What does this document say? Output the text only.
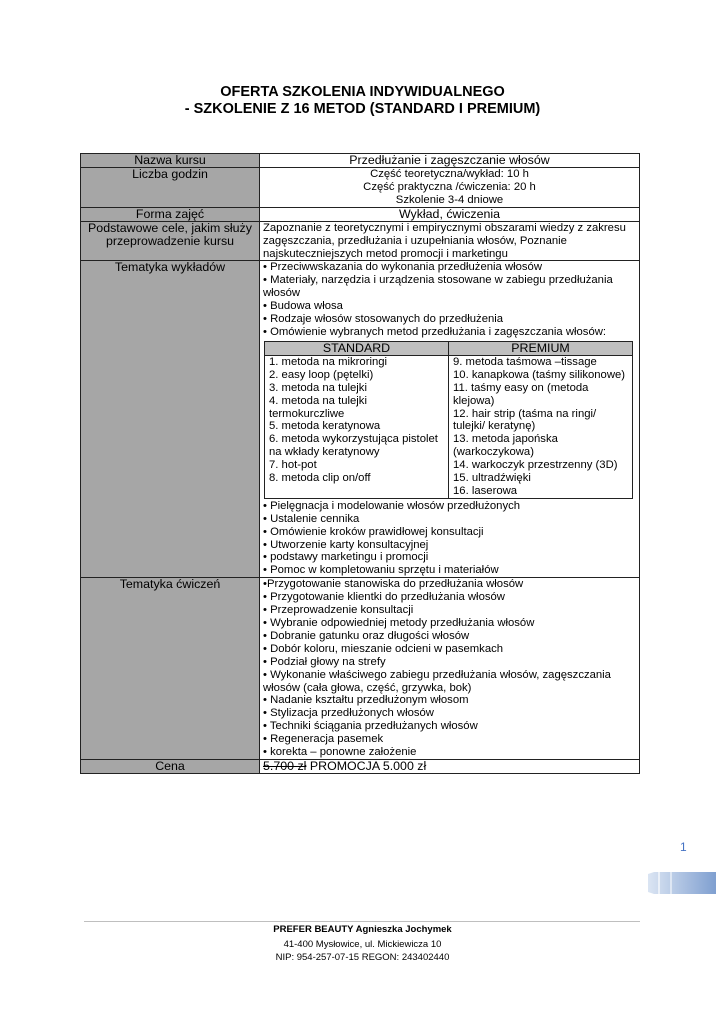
OFERTA SZKOLENIA INDYWIDUALNEGO
- SZKOLENIE Z 16 METOD (STANDARD I PREMIUM)
Nazwa kursu	Przedłużanie i zagęszczanie włosów
Liczba godzin	Część teoretyczna/wykład: 10 h
Część praktyczna /ćwiczenia: 20 h
Szkolenie 3-4 dniowe

Forma zajęć	Wykład, ćwiczenia
Podstawowe cele, jakim służy przeprowadzenie kursu	Zapoznanie z teoretycznymi i empirycznymi obszarami wiedzy z zakresu zagęszczania, przedłużania i uzupełniania włosów, Poznanie najskuteczniejszych metod promocji i marketingu
Tematyka wykładów	• Przeciwwskazania do wykonania przedłużenia włosów
• Materiały, narzędzia i urządzenia stosowane w zabiegu przedłużania włosów
• Budowa włosa
• Rodzaje włosów stosowanych do przedłużenia
• Omówienie wybranych metod przedłużania i zagęszczania włosów:
STANDARD	PREMIUM

1. metoda na mikroringi
2. easy loop (pętelki)
3. metoda na tulejki
4. metoda na tulejki termokurczliwe
5. metoda keratynowa
6. metoda wykorzystująca pistolet na wkłady keratynowy
7. hot-pot
8. metoda clip on/off

9. metoda taśmowa –tissage
10. kanapkowa (taśmy silikonowe)
11. taśmy easy on (metoda klejowa)
12. hair strip (taśma na ringi/ tulejki/ keratynę)
13. metoda japońska (warkoczykowa)
14. warkoczyk przestrzenny (3D)
15. ultradźwięki
16. laserowa
• Pielęgnacja i modelowanie włosów przedłużonych
• Ustalenie cennika
• Omówienie kroków prawidłowej konsultacji
• Utworzenie karty konsultacyjnej
• podstawy marketingu i promocji
• Pomoc w kompletowaniu sprzętu i materiałów

Tematyka ćwiczeń	•Przygotowanie stanowiska do przedłużania włosów
• Przygotowanie klientki do przedłużania włosów
• Przeprowadzenie konsultacji
• Wybranie odpowiedniej metody przedłużania włosów
• Dobranie gatunku oraz długości włosów
• Dobór koloru, mieszanie odcieni w pasemkach
• Podział głowy na strefy
• Wykonanie właściwego zabiegu przedłużania włosów, zagęszczania włosów (cała głowa, część, grzywka, bok)
• Nadanie kształtu przedłużonym włosom
• Stylizacja przedłużonych włosów
• Techniki ściągania przedłużanych włosów
• Regeneracja pasemek
• korekta – ponowne założenie

Cena	5.700 zł PROMOCJA 5.000 zł
1
PREFER BEAUTY Agnieszka Jochymek
41-400 Mysłowice, ul. Mickiewicza 10
NIP: 954-257-07-15 REGON: 243402440
